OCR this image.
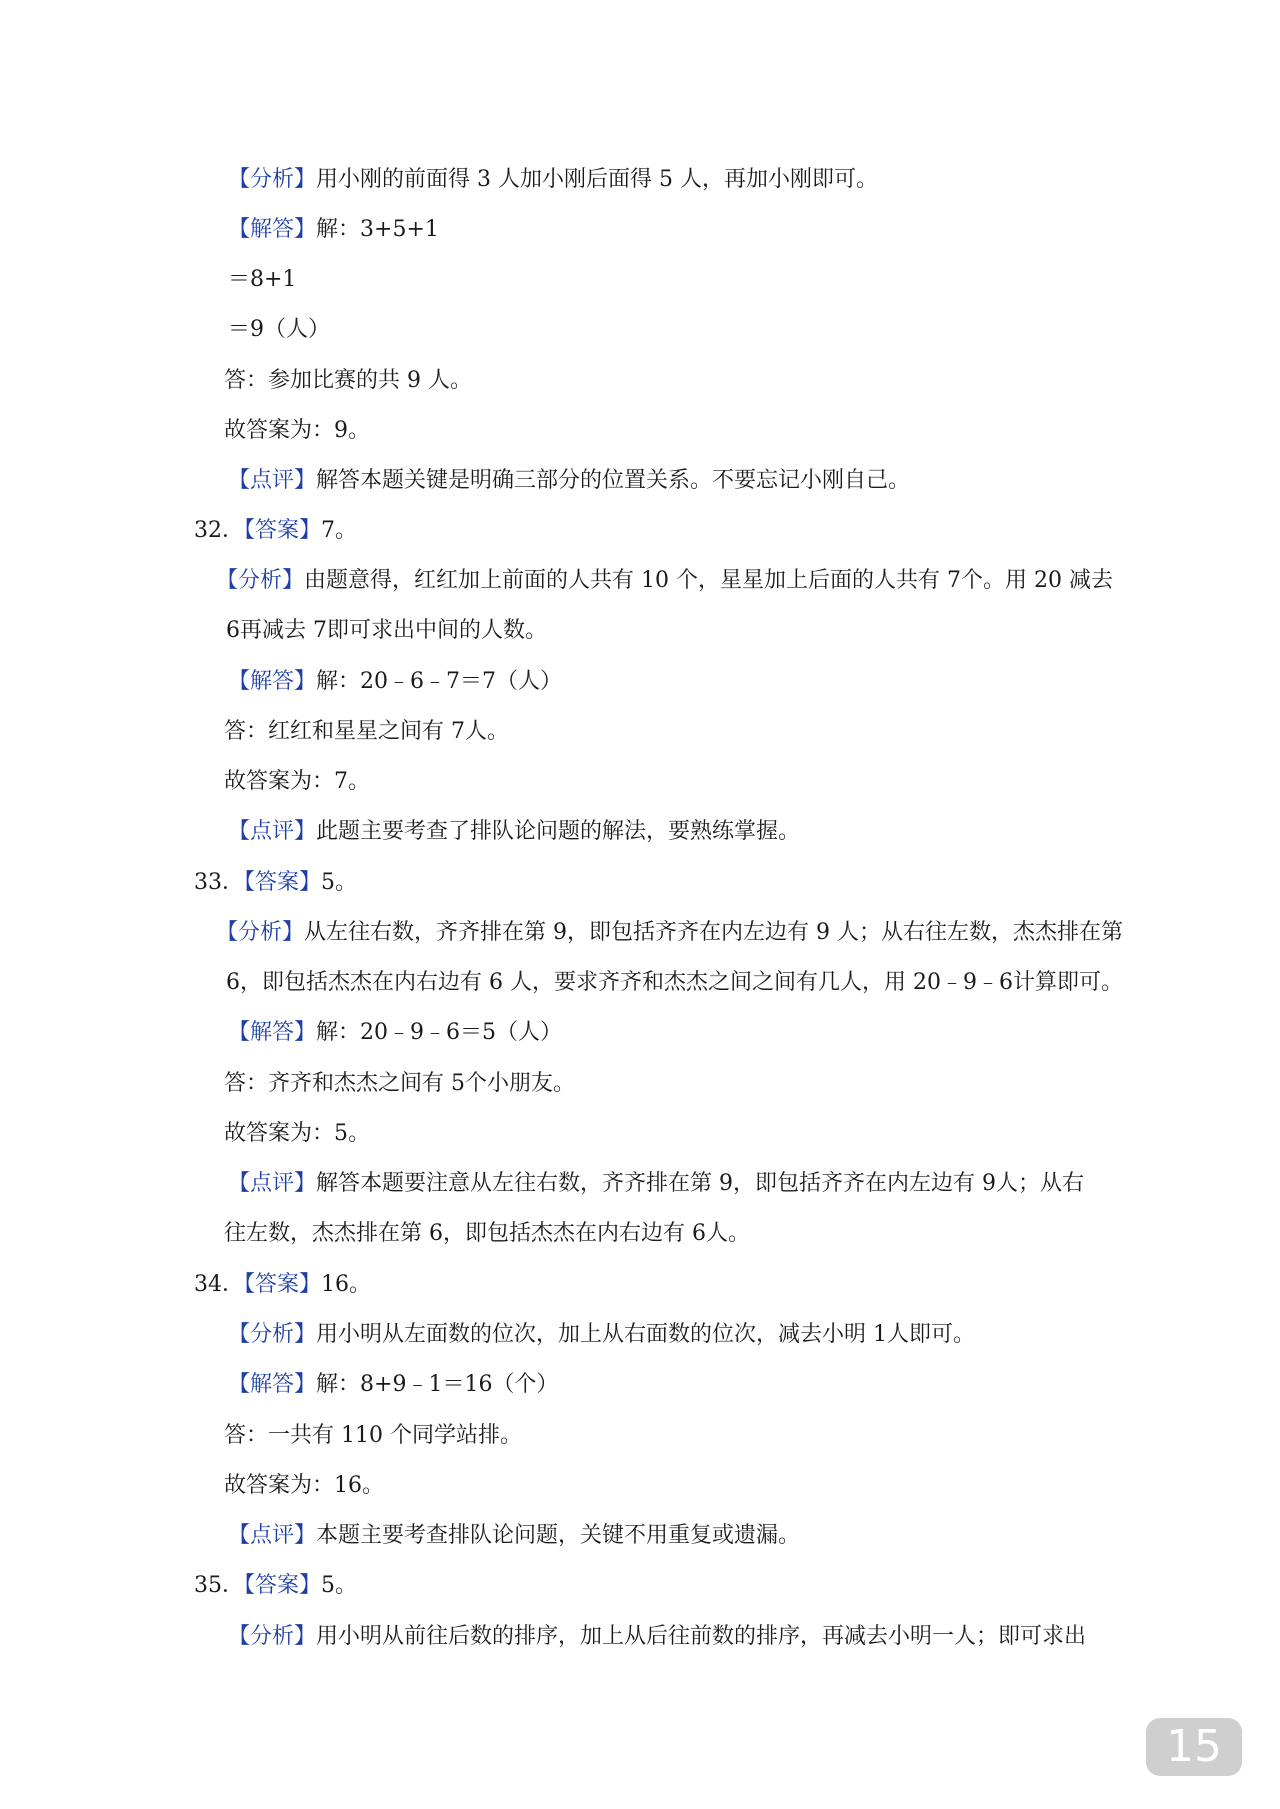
【分析】用小刚的前面得 3 人加小刚后面得 5 人，再加小刚即可。
【解答】解：3+5+1
＝8+1
＝9（人）
答：参加比赛的共 9 人。
故答案为：9。
【点评】解答本题关键是明确三部分的位置关系。不要忘记小刚自己。
32．【答案】7。
【分析】由题意得，红红加上前面的人共有 10 个，星星加上后面的人共有 7个。用 20 减去
6再减去 7即可求出中间的人数。
【解答】解：20﹣6﹣7＝7（人）
答：红红和星星之间有 7人。
故答案为：7。
【点评】此题主要考查了排队论问题的解法，要熟练掌握。
33．【答案】5。
【分析】从左往右数，齐齐排在第 9，即包括齐齐在内左边有 9 人；从右往左数，杰杰排在第
6，即包括杰杰在内右边有 6 人，要求齐齐和杰杰之间之间有几人，用 20﹣9﹣6计算即可。
【解答】解：20﹣9﹣6＝5（人）
答：齐齐和杰杰之间有 5个小朋友。
故答案为：5。
【点评】解答本题要注意从左往右数，齐齐排在第 9，即包括齐齐在内左边有 9人；从右
往左数，杰杰排在第 6，即包括杰杰在内右边有 6人。
34．【答案】16。
【分析】用小明从左面数的位次，加上从右面数的位次，减去小明 1人即可。
【解答】解：8+9﹣1＝16（个）
答：一共有 110 个同学站排。
故答案为：16。
【点评】本题主要考查排队论问题，关键不用重复或遗漏。
35．【答案】5。
【分析】用小明从前往后数的排序，加上从后往前数的排序，再减去小明一人；即可求出
15
